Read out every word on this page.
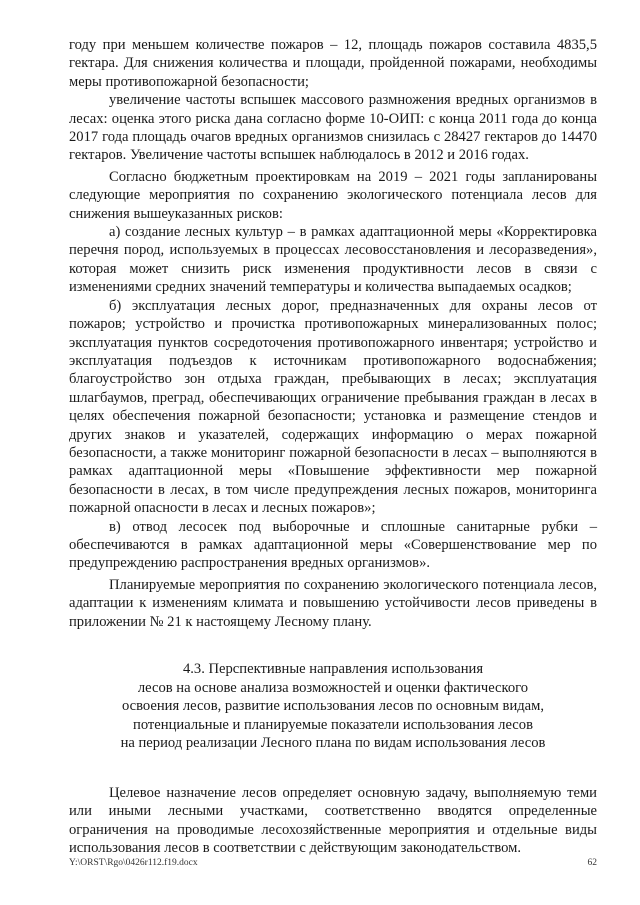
году при меньшем количестве пожаров – 12, площадь пожаров составила 4835,5 гектара. Для снижения количества и площади, пройденной пожарами, необходимы меры противопожарной безопасности;

увеличение частоты вспышек массового размножения вредных организмов в лесах: оценка этого риска дана согласно форме 10-ОИП: с конца 2011 года до конца 2017 года площадь очагов вредных организмов снизилась с 28427 гектаров до 14470 гектаров. Увеличение частоты вспышек наблюдалось в 2012 и 2016 годах.

Согласно бюджетным проектировкам на 2019 – 2021 годы запланированы следующие мероприятия по сохранению экологического потенциала лесов для снижения вышеуказанных рисков:

а) создание лесных культур – в рамках адаптационной меры «Корректировка перечня пород, используемых в процессах лесовосстановления и лесоразведения», которая может снизить риск изменения продуктивности лесов в связи с изменениями средних значений температуры и количества выпадаемых осадков;

б) эксплуатация лесных дорог, предназначенных для охраны лесов от пожаров; устройство и прочистка противопожарных минерализованных полос; эксплуатация пунктов сосредоточения противопожарного инвентаря; устройство и эксплуатация подъездов к источникам противопожарного водоснабжения; благоустройство зон отдыха граждан, пребывающих в лесах; эксплуатация шлагбаумов, преград, обеспечивающих ограничение пребывания граждан в лесах в целях обеспечения пожарной безопасности; установка и размещение стендов и других знаков и указателей, содержащих информацию о мерах пожарной безопасности, а также мониторинг пожарной безопасности в лесах – выполняются в рамках адаптационной меры «Повышение эффективности мер пожарной безопасности в лесах, в том числе предупреждения лесных пожаров, мониторинга пожарной опасности в лесах и лесных пожаров»;

в) отвод лесосек под выборочные и сплошные санитарные рубки – обеспечиваются в рамках адаптационной меры «Совершенствование мер по предупреждению распространения вредных организмов».

Планируемые мероприятия по сохранению экологического потенциала лесов, адаптации к изменениям климата и повышению устойчивости лесов приведены в приложении № 21 к настоящему Лесному плану.

4.3. Перспективные направления использования
лесов на основе анализа возможностей и оценки фактического
освоения лесов, развитие использования лесов по основным видам,
потенциальные и планируемые показатели использования лесов
на период реализации Лесного плана по видам использования лесов

Целевое назначение лесов определяет основную задачу, выполняемую теми или иными лесными участками, соответственно вводятся определенные ограничения на проводимые лесохозяйственные мероприятия и отдельные виды использования лесов в соответствии с действующим законодательством.

Y:\ORST\Rgo\0426r112.f19.docx	62
